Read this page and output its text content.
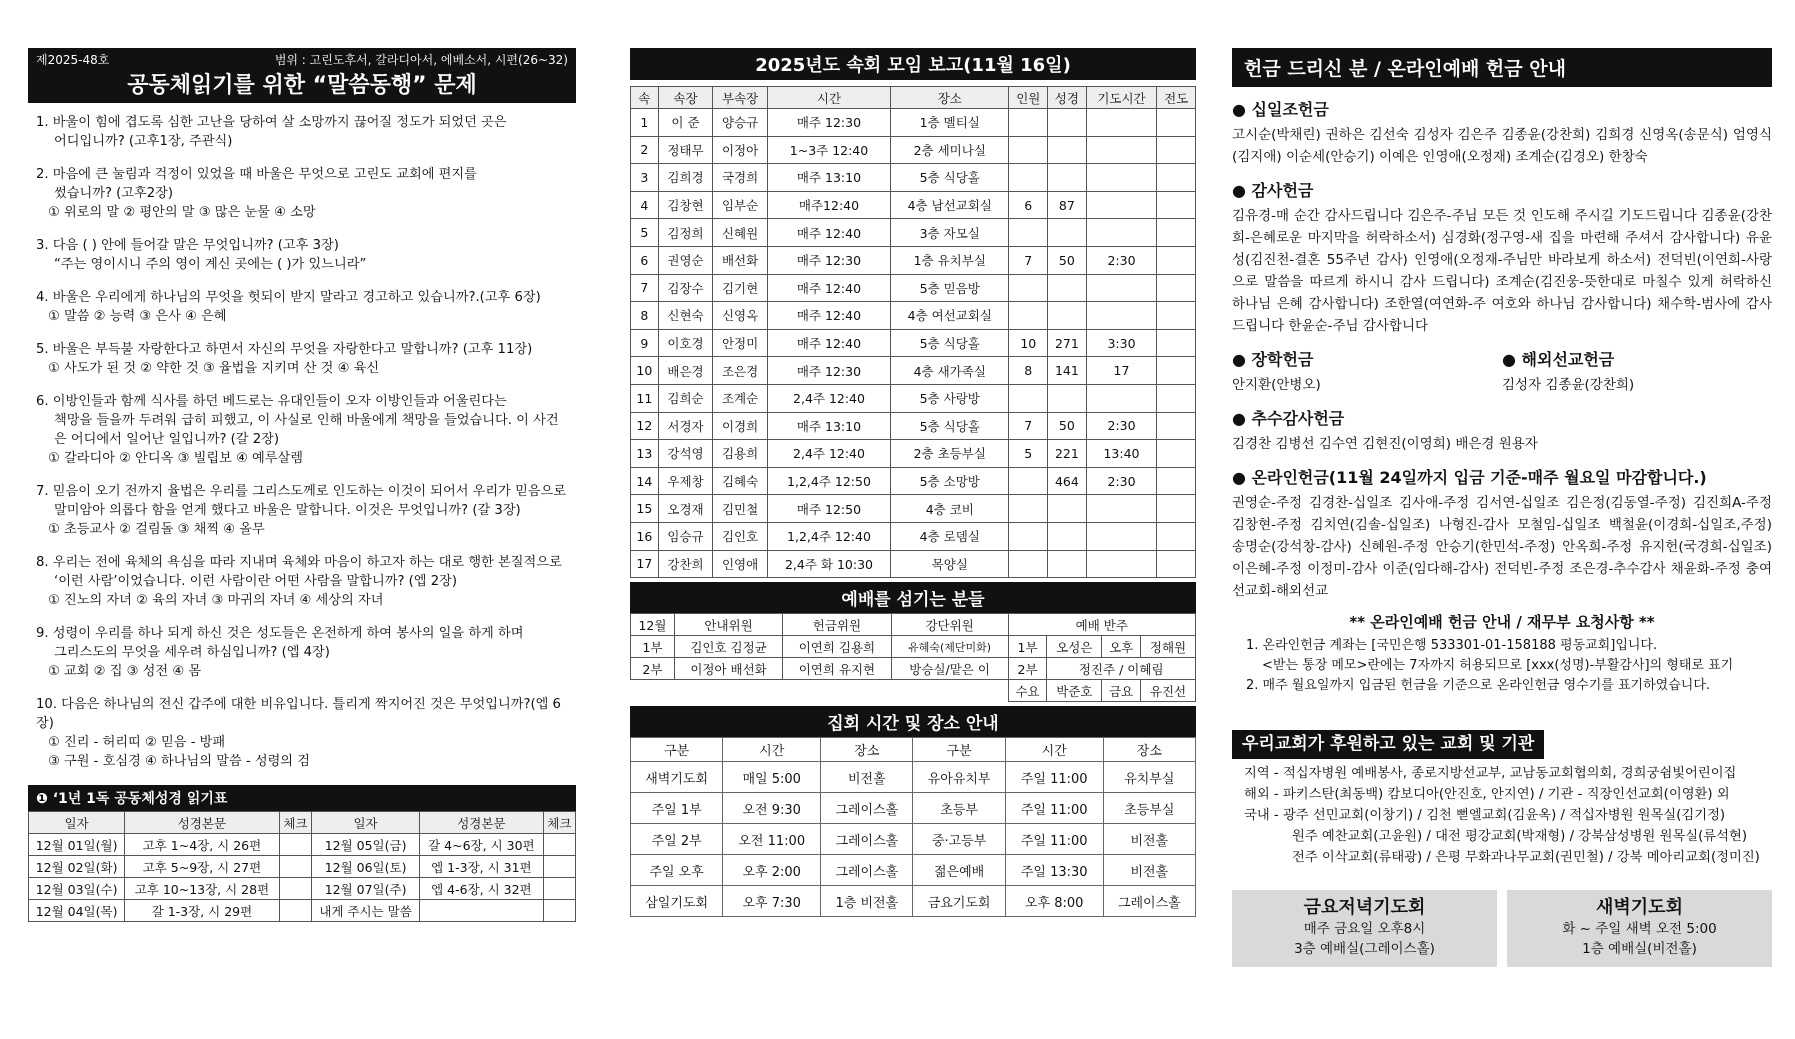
제2025-48호	범위 : 고린도후서, 갈라디아서, 에베소서, 시편(26~32)
공동체읽기를 위한 “말씀동행” 문제
1. 바울이 힘에 겹도록 심한 고난을 당하여 살 소망까지 끊어질 정도가 되었던 곳은
어디입니까? (고후1장, 주관식)
2. 마음에 큰 눌림과 걱정이 있었을 때 바울은 무엇으로 고린도 교회에 편지를
썼습니까? (고후2장)
① 위로의 말 ② 평안의 말 ③ 많은 눈물 ④ 소망
3. 다음 ( ) 안에 들어갈 말은 무엇입니까? (고후 3장)
“주는 영이시니 주의 영이 계신 곳에는 ( )가 있느니라”
4. 바울은 우리에게 하나님의 무엇을 헛되이 받지 말라고 경고하고 있습니까?.(고후 6장)
① 말씀 ② 능력 ③ 은사 ④ 은혜
5. 바울은 부득불 자랑한다고 하면서 자신의 무엇을 자랑한다고 말합니까? (고후 11장)
① 사도가 된 것 ② 약한 것 ③ 율법을 지키며 산 것 ④ 육신
6. 이방인들과 함께 식사를 하던 베드로는 유대인들이 오자 이방인들과 어울린다는
책망을 들을까 두려워 급히 피했고, 이 사실로 인해 바울에게 책망을 들었습니다. 이 사건은 어디에서 일어난 일입니까? (갈 2장)
① 갈라디아 ② 안디옥 ③ 빌립보 ④ 예루살렘
7. 믿음이 오기 전까지 율법은 우리를 그리스도께로 인도하는 이것이 되어서 우리가 믿음으로
말미암아 의롭다 함을 얻게 했다고 바울은 말합니다. 이것은 무엇입니까? (갈 3장)
① 초등교사 ② 걸림돌 ③ 채찍 ④ 올무
8. 우리는 전에 육체의 욕심을 따라 지내며 육체와 마음이 하고자 하는 대로 행한 본질적으로
‘이런 사람’이었습니다. 이런 사람이란 어떤 사람을 말합니까? (엡 2장)
① 진노의 자녀 ② 육의 자녀 ③ 마귀의 자녀 ④ 세상의 자녀
9. 성령이 우리를 하나 되게 하신 것은 성도들은 온전하게 하여 봉사의 일을 하게 하며
그리스도의 무엇을 세우려 하심입니까? (엡 4장)
① 교회 ② 집 ③ 성전 ④ 몸
10. 다음은 하나님의 전신 갑주에 대한 비유입니다. 틀리게 짝지어진 것은 무엇입니까?(엡 6장)
① 진리 - 허리띠 ② 믿음 - 방패
③ 구원 - 호심경 ④ 하나님의 말씀 - 성령의 검
❶ ‘1년 1독 공동체성경 읽기표
일자	성경본문	체크	일자	성경본문	체크
12월 01일(월)	고후 1~4장, 시 26편		12월 05일(금)	갈 4~6장, 시 30편	
12월 02일(화)	고후 5~9장, 시 27편		12월 06일(토)	엡 1-3장, 시 31편	
12월 03일(수)	고후 10~13장, 시 28편		12월 07일(주)	엡 4-6장, 시 32편	
12월 04일(목)	갈 1-3장, 시 29편		내게 주시는 말씀		
2025년도 속회 모임 보고(11월 16일)
속	속장	부속장	시간	장소	인원	성경	기도시간	전도
1	이 준	양승규	매주 12:30	1층 멜티실				
2	정태무	이정아	1~3주 12:40	2층 세미나실				
3	김희경	국경희	매주 13:10	5층 식당홀				
4	김창현	임부순	매주12:40	4층 남선교회실	6	87		
5	김정희	신혜원	매주 12:40	3층 자모실				
6	권영순	배선화	매주 12:30	1층 유치부실	7	50	2:30	
7	김장수	김기현	매주 12:40	5층 믿음방				
8	신현숙	신영옥	매주 12:40	4층 여선교회실				
9	이호경	안정미	매주 12:40	5층 식당홀	10	271	3:30	
10	배은경	조은경	매주 12:30	4층 새가족실	8	141	17	
11	김희순	조계순	2,4주 12:40	5층 사랑방				
12	서경자	이경희	매주 13:10	5층 식당홀	7	50	2:30	
13	강석영	김용희	2,4주 12:40	2층 초등부실	5	221	13:40	
14	우제창	김혜숙	1,2,4주 12:50	5층 소망방		464	2:30	
15	오경재	김민철	매주 12:50	4층 코비				
16	임승규	김인호	1,2,4주 12:40	4층 로뎀실				
17	강찬희	인영애	2,4주 화 10:30	목양실				
예배를 섬기는 분들
12월	안내위원	헌금위원	강단위원	예배 반주			
1부	김인호 김정균	이연희 김용희	유혜숙(제단미화)	1부	오성은	오후	정해원
2부	이정아 배선화	이연희 유지현	방승실/맡은 이	2부	정진주 / 이혜림		
				수요	박준호	금요	유진선
집회 시간 및 장소 안내
구분	시간	장소	구분	시간	장소
새벽기도회	매일 5:00	비전홀	유아유치부	주일 11:00	유치부실
주일 1부	오전 9:30	그레이스홀	초등부	주일 11:00	초등부실
주일 2부	오전 11:00	그레이스홀	중·고등부	주일 11:00	비전홀
주일 오후	오후 2:00	그레이스홀	젊은예배	주일 13:30	비전홀
삼일기도회	오후 7:30	1층 비전홀	금요기도회	오후 8:00	그레이스홀
헌금 드리신 분 / 온라인예배 헌금 안내
● 십일조헌금
고시순(박채린) 권하은 김선숙 김성자 김은주 김종윤(강찬희) 김희경 신영옥(송문식) 엄영식(김지애) 이순세(안승기) 이예은 인영애(오정재) 조계순(김경오) 한창숙
● 감사헌금
김유경-매 순간 감사드립니다 김은주-주님 모든 것 인도해 주시길 기도드립니다 김종윤(강찬희-은혜로운 마지막을 허락하소서) 심경화(정구영-새 집을 마련해 주셔서 감사합니다) 유윤성(김진천-결혼 55주년 감사) 인영애(오정재-주님만 바라보게 하소서) 전덕빈(이연희-사랑으로 말씀을 따르게 하시니 감사 드립니다) 조계순(김진웅-뜻한대로 마칠수 있게 허락하신 하나님 은혜 감사합니다) 조한열(여연화-주 여호와 하나님 감사합니다) 채수학-범사에 감사드립니다 한윤순-주님 감사합니다
● 장학헌금
안지환(안병오)
● 해외선교헌금
김성자 김종윤(강찬희)
● 추수감사헌금
김경찬 김병선 김수연 김현진(이영희) 배은경 원용자
● 온라인헌금(11월 24일까지 입금 기준-매주 월요일 마감합니다.)
권영순-주정 김경찬-십일조 김사애-주정 김서연-십일조 김은정(김동열-주정) 김진희A-주정 김창현-주정 김치연(김솔-십일조) 나형진-감사 모철임-십일조 백철윤(이경희-십일조,주정) 송명순(강석창-감사) 신혜원-주정 안승기(한민석-주정) 안옥희-주정 유지헌(국경희-십일조) 이은혜-주정 이정미-감사 이준(임다해-감사) 전덕빈-주정 조은경-추수감사 채윤화-주정 충여선교회-해외선교
** 온라인예배 헌금 안내 / 재무부 요청사항 **
1. 온라인헌금 계좌는 [국민은행 533301-01-158188 평동교회]입니다.
<받는 통장 메모>란에는 7자까지 허용되므로 [xxx(성명)-부활감사]의 형태로 표기
2. 매주 월요일까지 입금된 헌금을 기준으로 온라인헌금 영수기를 표기하였습니다.
우리교회가 후원하고 있는 교회 및 기관
지역 - 적십자병원 예배봉사, 종로지방선교부, 교남동교회협의회, 경희궁쉼빛어린이집
해외 - 파키스탄(최동백) 캄보디아(안진호, 안지연) / 기관 - 직장인선교회(이영환) 외
국내 - 광주 선민교회(이창기) / 김천 뻗엘교회(김윤옥) / 적십자병원 원목실(김기정)
원주 예찬교회(고윤원) / 대전 평강교회(박재형) / 강북삼성병원 원목실(류석현)
전주 이삭교회(류태광) / 은평 무화과나무교회(권민철) / 강북 메아리교회(정미진)
금요저녁기도회
매주 금요일 오후8시
3층 예배실(그레이스홀)
새벽기도회
화 ~ 주일 새벽 오전 5:00
1층 예배실(비전홀)
